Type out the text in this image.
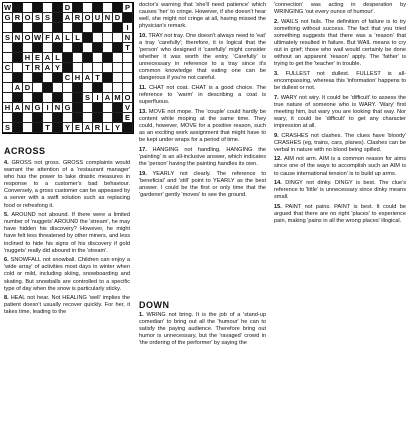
W	D	P
G R O S S	A R O U N D
I
S N O W F A L L	N
T
H E A L
C	T R A Y
C H A T
A D
S I A M O
H A N G I N G	V
E
S	T	Y E A R L Y
ACROSS

4. GROSS not gross. GROSS complaints would warrant the attention of a 'restaurant manager' who has the power to take drastic measures in response to a customer's bad behaviour. Conversely, a gross customer can be appeased by a server with a swift solution such as replacing food or refreshing it.

5. AROUND not abound. If there were a limited number of 'nuggets' AROUND the 'stream', he may have hidden his discovery? However, he might have felt less threatened by other miners, and less inclined to hide his signs of his discovery if gold 'nuggets' really did abound in the 'stream'.

6. SNOWFALL not snowball. Children can enjoy a 'wide array' of activities most days in winter when cold or mild, including skiing, snowboarding and skating. But snowballs are controlled to a specific type of day when the snow is particularly sticky.

8. HEAL not hear. Not HEALING 'well' implies the patient doesn't usually recover quickly. For her, it takes time, leading to the

doctor's warning that 'she'll need patience' which causes 'her' to cringe. However, if she doesn't hear well, she might not cringe at all, having missed the physician's remark.

10. TRAY not tray. One doesn't always need to 'eat' a tray 'carefully'; therefore, it is logical that the 'person' who designed it 'carefully' might consider whether it was worth the entry. 'Carefully' is unnecessary in reference to a tray since it's common knowledge that eating one can be dangerous if you're not careful.

11. CHAT not coat. CHAT is a good choice. The reference to 'warm' in describing a coat is superfluous.

13. MOVE not mope. The 'couple' could hardly be content while moping at the same time. They could, however, MOVE for a positive reason, such as an exciting work assignment that might have to be kept under wraps for a period of time.

17. HANGING not handling. HANGING the 'painting' is an all-inclusive answer, which indicates the 'person' having the painting handles its own.

19. YEARLY not clearly. The reference to 'beneficial' and 'still' point to YEARLY as the best answer. I could be the first or only time that the 'gardener' gently 'moves' to see the ground.

DOWN

1. WRING not bring. It is the job of a 'stand-up comedian' to bring out all the 'humour' he can to satisfy the paying audience. Therefore bring out humor is unnecessary, but the 'ravaged' crowd in 'the ordering of the performer' by saying the

'connection' was acting in desperation by WRINGING 'out every ounce of humour'.

2. WAILS not fails. The definition of failure is to try something without success. The fact that you tried something suggests that there was a 'reason' that ultimately resulted in failure. But WAIL means to cry out in grief; those who wail would certainly be done without an apparent 'reason' apply. The 'father' is trying to get the 'teacher' in trouble.

3. FULLEST not dullest. FULLEST is all-encompassing, whereas this 'information' happens to be dullest or not.

7. WARY not wiry. It could be 'difficult' to assess the true nature of someone who is WARY. 'Wary' first meeting him, but wary you are looking that way. Nor wary, it could be 'difficult' to get any character impression at all.

9. CRASHES not clashes. The clues have 'bloody' CRASHES (eg, trains, cars, planes). Clashes can be verbal in nature with no blood being spilled.

12. AIM not arm. AIM is a common reason for aims since one of the ways to accomplish such an AIM is to cause international tension' is to build up arms.

14. DINGY not dinky. DINGY is best. The clue's reference to 'little' is unnecessary since dinky means small.

15. PAINT not pains. PAINT is best. It could be argued that there are no right 'places' to experience pain, making 'pains in all the wrong places' illogical.
